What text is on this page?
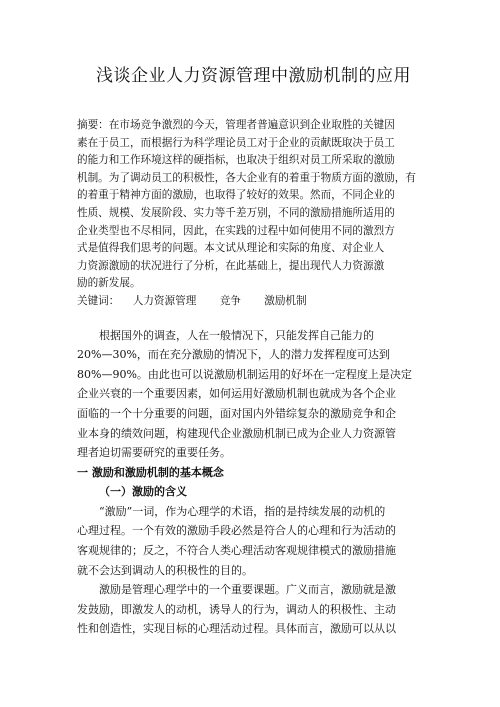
浅谈企业人力资源管理中激励机制的应用
摘要：在市场竞争激烈的今天，管理者普遍意识到企业取胜的关键因
素在于员工，而根据行为科学理论员工对于企业的贡献既取决于员工
的能力和工作环境这样的硬指标，也取决于组织对员工所采取的激励
机制。为了调动员工的积极性，各大企业有的着重于物质方面的激励，有
的着重于精神方面的激励，也取得了较好的效果。然而，不同企业的
性质、规模、发展阶段、实力等千差万别，不同的激励措施所适用的
企业类型也不尽相同，因此，在实践的过程中如何使用不同的激烈方
式是值得我们思考的问题。本文试从理论和实际的角度、对企业人
力资源激励的状况进行了分析，在此基础上，提出现代人力资源激
励的新发展。
关键词： 人力资源管理 竞争 激励机制
根据国外的调查，人在一般情况下，只能发挥自己能力的
20%—30%，而在充分激励的情况下，人的潜力发挥程度可达到
80%—90%。由此也可以说激励机制运用的好坏在一定程度上是决定
企业兴衰的一个重要因素，如何运用好激励机制也就成为各个企业
面临的一个十分重要的问题，面对国内外错综复杂的激励竞争和企
业本身的绩效问题，构建现代企业激励机制已成为企业人力资源管
理者迫切需要研究的重要任务。
一 激励和激励机制的基本概念
（一）激励的含义
“激励”一词，作为心理学的术语，指的是持续发展的动机的
心理过程。一个有效的激励手段必然是符合人的心理和行为活动的
客观规律的；反之，不符合人类心理活动客观规律模式的激励措施
就不会达到调动人的积极性的目的。
激励是管理心理学中的一个重要课题。广义而言，激励就是激
发鼓励，即激发人的动机，诱导人的行为，调动人的积极性、主动
性和创造性，实现目标的心理活动过程。具体而言，激励可以从以
